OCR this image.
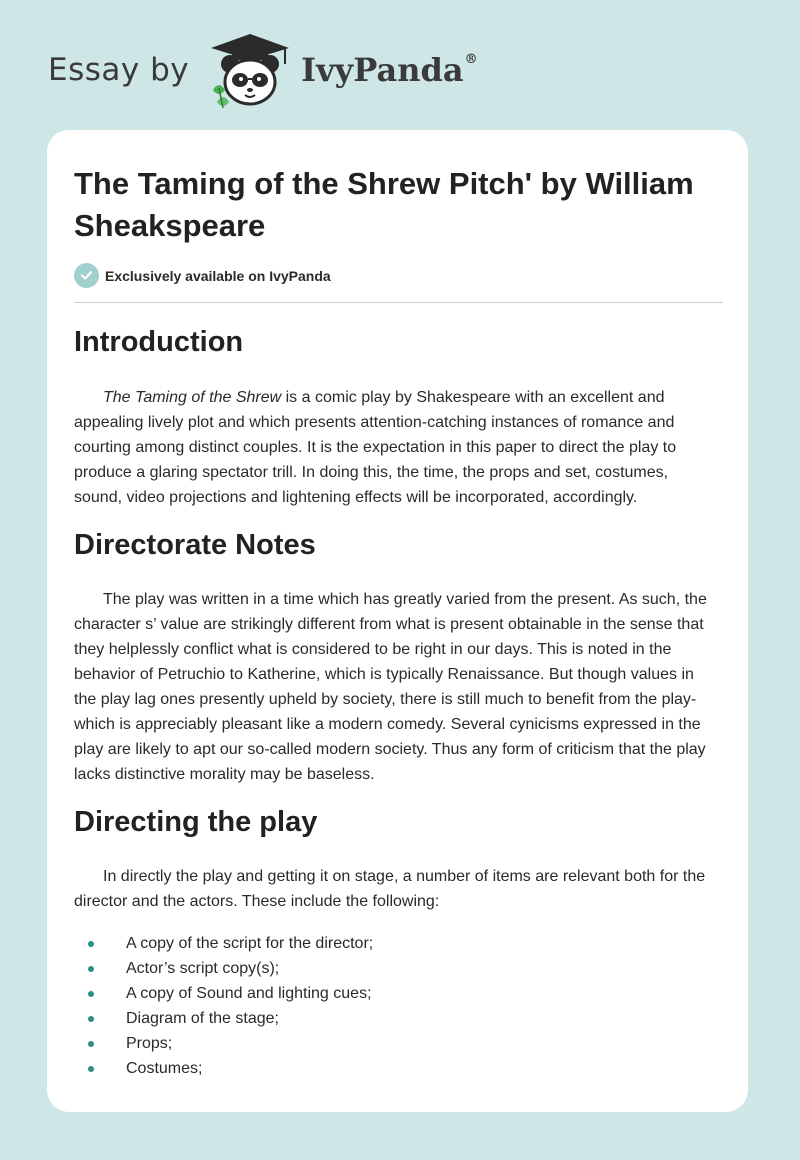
Essay by	IvyPanda®
The Taming of the Shrew Pitch' by William Sheakspeare
Exclusively available on IvyPanda
Introduction

The Taming of the Shrew is a comic play by Shakespeare with an excellent and appealing lively plot and which presents attention-catching instances of romance and courting among distinct couples. It is the expectation in this paper to direct the play to produce a glaring spectator trill. In doing this, the time, the props and set, costumes, sound, video projections and lightening effects will be incorporated, accordingly.

Directorate Notes

The play was written in a time which has greatly varied from the present. As such, the character s’ value are strikingly different from what is present obtainable in the sense that they helplessly conflict what is considered to be right in our days. This is noted in the behavior of Petruchio to Katherine, which is typically Renaissance. But though values in the play lag ones presently upheld by society, there is still much to benefit from the play- which is appreciably pleasant like a modern comedy. Several cynicisms expressed in the play are likely to apt our so-called modern society. Thus any form of criticism that the play lacks distinctive morality may be baseless.

Directing the play

In directly the play and getting it on stage, a number of items are relevant both for the director and the actors. These include the following:

A copy of the script for the director;
Actor’s script copy(s);
A copy of Sound and lighting cues;
Diagram of the stage;
Props;
Costumes;
